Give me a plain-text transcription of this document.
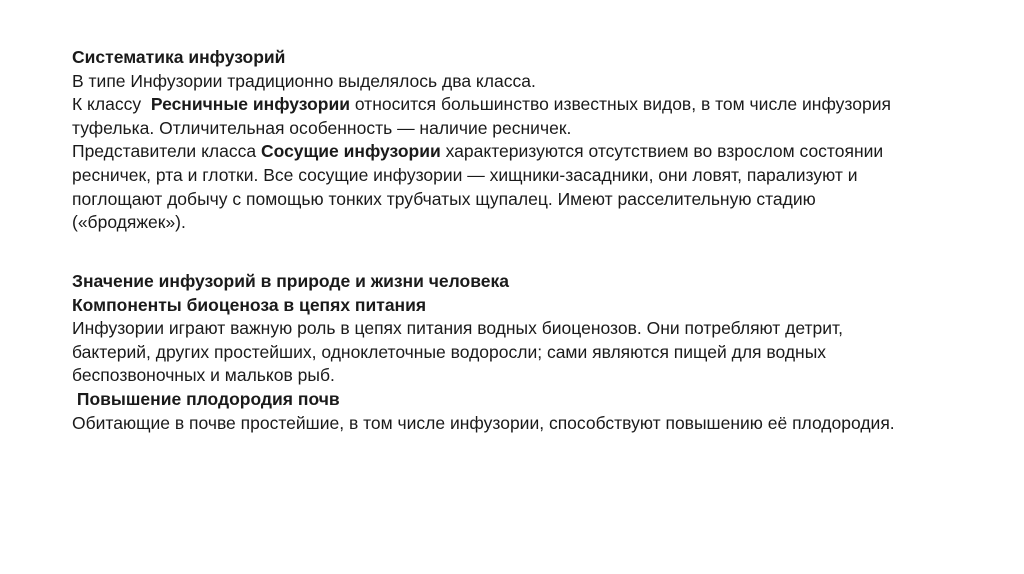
Систематика инфузорий
В типе Инфузории традиционно выделялось два класса.
К классу  Ресничные инфузории относится большинство известных видов, в том числе инфузория
туфелька. Отличительная особенность — наличие ресничек.
Представители класса Сосущие инфузории характеризуются отсутствием во взрослом состоянии
ресничек, рта и глотки. Все сосущие инфузории — хищники-засадники, они ловят, парализуют и
поглощают добычу с помощью тонких трубчатых щупалец. Имеют расселительную стадию
(«бродяжек»).
Значение инфузорий в природе и жизни человека
Компоненты биоценоза в цепях питания
Инфузории играют важную роль в цепях питания водных биоценозов. Они потребляют детрит,
бактерий, других простейших, одноклеточные водоросли; сами являются пищей для водных
беспозвоночных и мальков рыб.
Повышение плодородия почв
Обитающие в почве простейшие, в том числе инфузории, способствуют повышению её плодородия.
